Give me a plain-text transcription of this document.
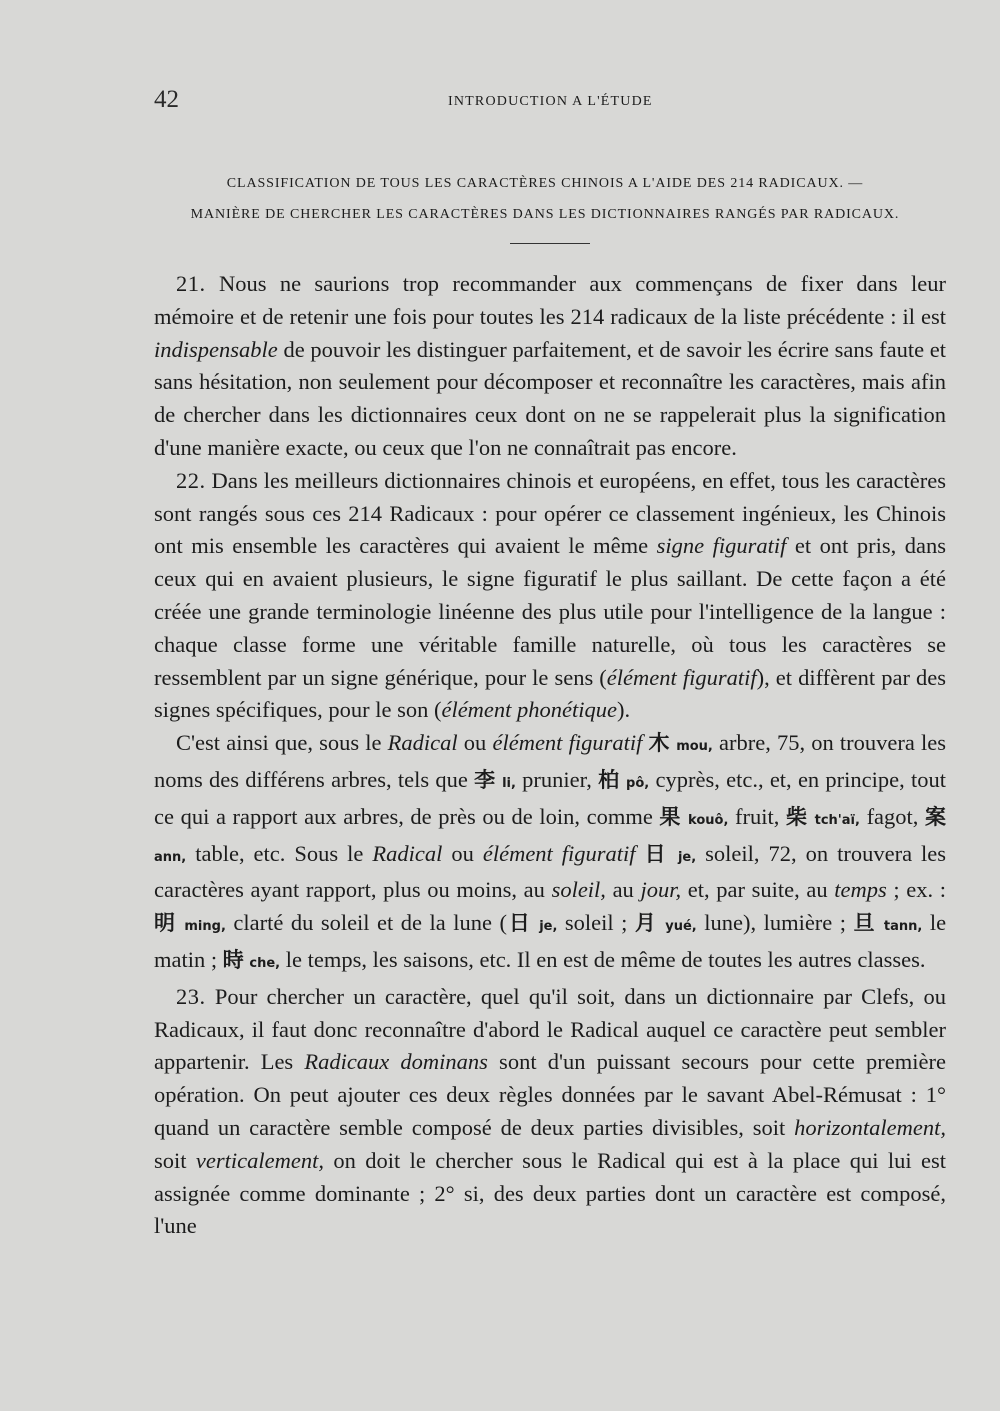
42	INTRODUCTION A L'ÉTUDE
CLASSIFICATION DE TOUS LES CARACTÈRES CHINOIS A L'AIDE DES 214 RADICAUX. —
MANIÈRE DE CHERCHER LES CARACTÈRES DANS LES DICTIONNAIRES RANGÉS PAR RADICAUX.

21. Nous ne saurions trop recommander aux commençans de fixer dans leur mémoire et de retenir une fois pour toutes les 214 radicaux de la liste précédente : il est indispensable de pouvoir les distinguer parfaitement, et de savoir les écrire sans faute et sans hésitation, non seulement pour décomposer et reconnaître les caractères, mais afin de chercher dans les dictionnaires ceux dont on ne se rappelerait plus la signification d'une manière exacte, ou ceux que l'on ne connaîtrait pas encore.

22. Dans les meilleurs dictionnaires chinois et européens, en effet, tous les caractères sont rangés sous ces 214 Radicaux : pour opérer ce classement ingénieux, les Chinois ont mis ensemble les caractères qui avaient le même signe figuratif et ont pris, dans ceux qui en avaient plusieurs, le signe figuratif le plus saillant. De cette façon a été créée une grande terminologie linéenne des plus utile pour l'intelligence de la langue : chaque classe forme une véritable famille naturelle, où tous les caractères se ressemblent par un signe générique, pour le sens (élément figuratif), et diffèrent par des signes spécifiques, pour le son (élément phonétique).

C'est ainsi que, sous le Radical ou élément figuratif 木 mou, arbre, 75, on trouvera les noms des différens arbres, tels que 李 li, prunier, 柏 pô, cyprès, etc., et, en principe, tout ce qui a rapport aux arbres, de près ou de loin, comme 果 kouô, fruit, 柴 tch'aï, fagot, 案 ann, table, etc. Sous le Radical ou élément figuratif 日 je, soleil, 72, on trouvera les caractères ayant rapport, plus ou moins, au soleil, au jour, et, par suite, au temps ; ex. : 明 ming, clarté du soleil et de la lune (日 je, soleil ; 月 yué, lune), lumière ; 旦 tann, le matin ; 時 che, le temps, les saisons, etc. Il en est de même de toutes les autres classes.

23. Pour chercher un caractère, quel qu'il soit, dans un dictionnaire par Clefs, ou Radicaux, il faut donc reconnaître d'abord le Radical auquel ce caractère peut sembler appartenir. Les Radicaux dominans sont d'un puissant secours pour cette première opération. On peut ajouter ces deux règles données par le savant Abel-Rémusat : 1° quand un caractère semble composé de deux parties divisibles, soit horizontalement, soit verticalement, on doit le chercher sous le Radical qui est à la place qui lui est assignée comme dominante ; 2° si, des deux parties dont un caractère est composé, l'une
